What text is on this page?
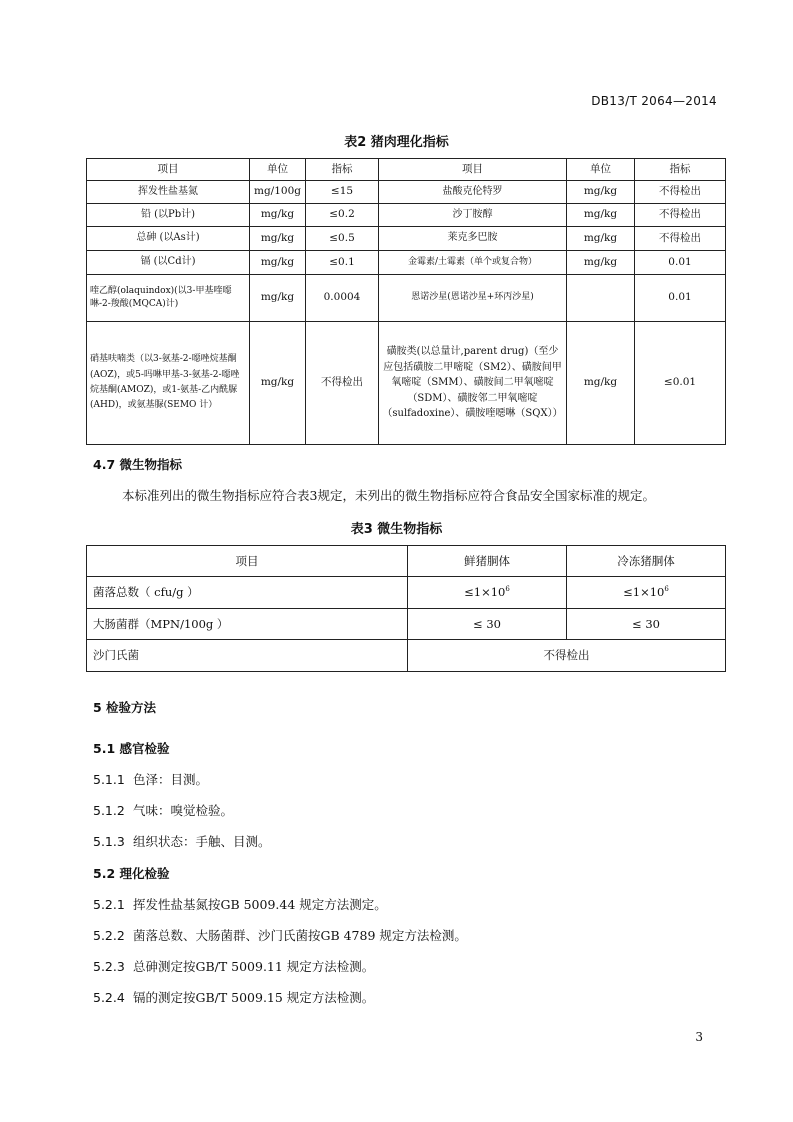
DB13/T 2064—2014
表2 猪肉理化指标
项目	单位	指标	项目	单位	指标
挥发性盐基氮	mg/100g	≤15	盐酸克伦特罗	mg/kg	不得检出
铅 (以Pb计)	mg/kg	≤0.2	沙丁胺醇	mg/kg	不得检出
总砷 (以As计)	mg/kg	≤0.5	莱克多巴胺	mg/kg	不得检出
镉 (以Cd计)	mg/kg	≤0.1	金霉素/土霉素（单个或复合物）	mg/kg	0.01
喹乙醇(olaquindox)(以3-甲基喹噁啉-2-羧酸(MQCA)计)	mg/kg	0.0004	恩诺沙星(恩诺沙星+环丙沙星)		0.01
硝基呋喃类（以3-氨基-2-噁唑烷基酮(AOZ)，或5-吗啉甲基-3-氨基-2-噁唑烷基酮(AMOZ)，或1-氨基-乙内酰脲(AHD)，或氨基脲(SEMO 计）	mg/kg	不得检出	磺胺类(以总量计,parent drug)（至少应包括磺胺二甲嘧啶（SM2）、磺胺间甲氧嘧啶（SMM）、磺胺间二甲氧嘧啶（SDM）、磺胺邻二甲氧嘧啶（sulfadoxine）、磺胺喹噁啉（SQX））	mg/kg	≤0.01
4.7 微生物指标
本标准列出的微生物指标应符合表3规定，未列出的微生物指标应符合食品安全国家标准的规定。
表3 微生物指标
项目	鲜猪胴体	冷冻猪胴体
菌落总数（ cfu/g ）	$\le 1\times 10^6$	$\le 1\times 10^6$
大肠菌群（MPN/100g ）	≤ 30	≤ 30
沙门氏菌	不得检出	
5 检验方法
5.1 感官检验
5.1.1 色泽：目测。
5.1.2 气味：嗅觉检验。
5.1.3 组织状态：手触、目测。
5.2 理化检验
5.2.1 挥发性盐基氮按GB 5009.44 规定方法测定。
5.2.2 菌落总数、大肠菌群、沙门氏菌按GB 4789 规定方法检测。
5.2.3 总砷测定按GB/T 5009.11 规定方法检测。
5.2.4 镉的测定按GB/T 5009.15 规定方法检测。
3
